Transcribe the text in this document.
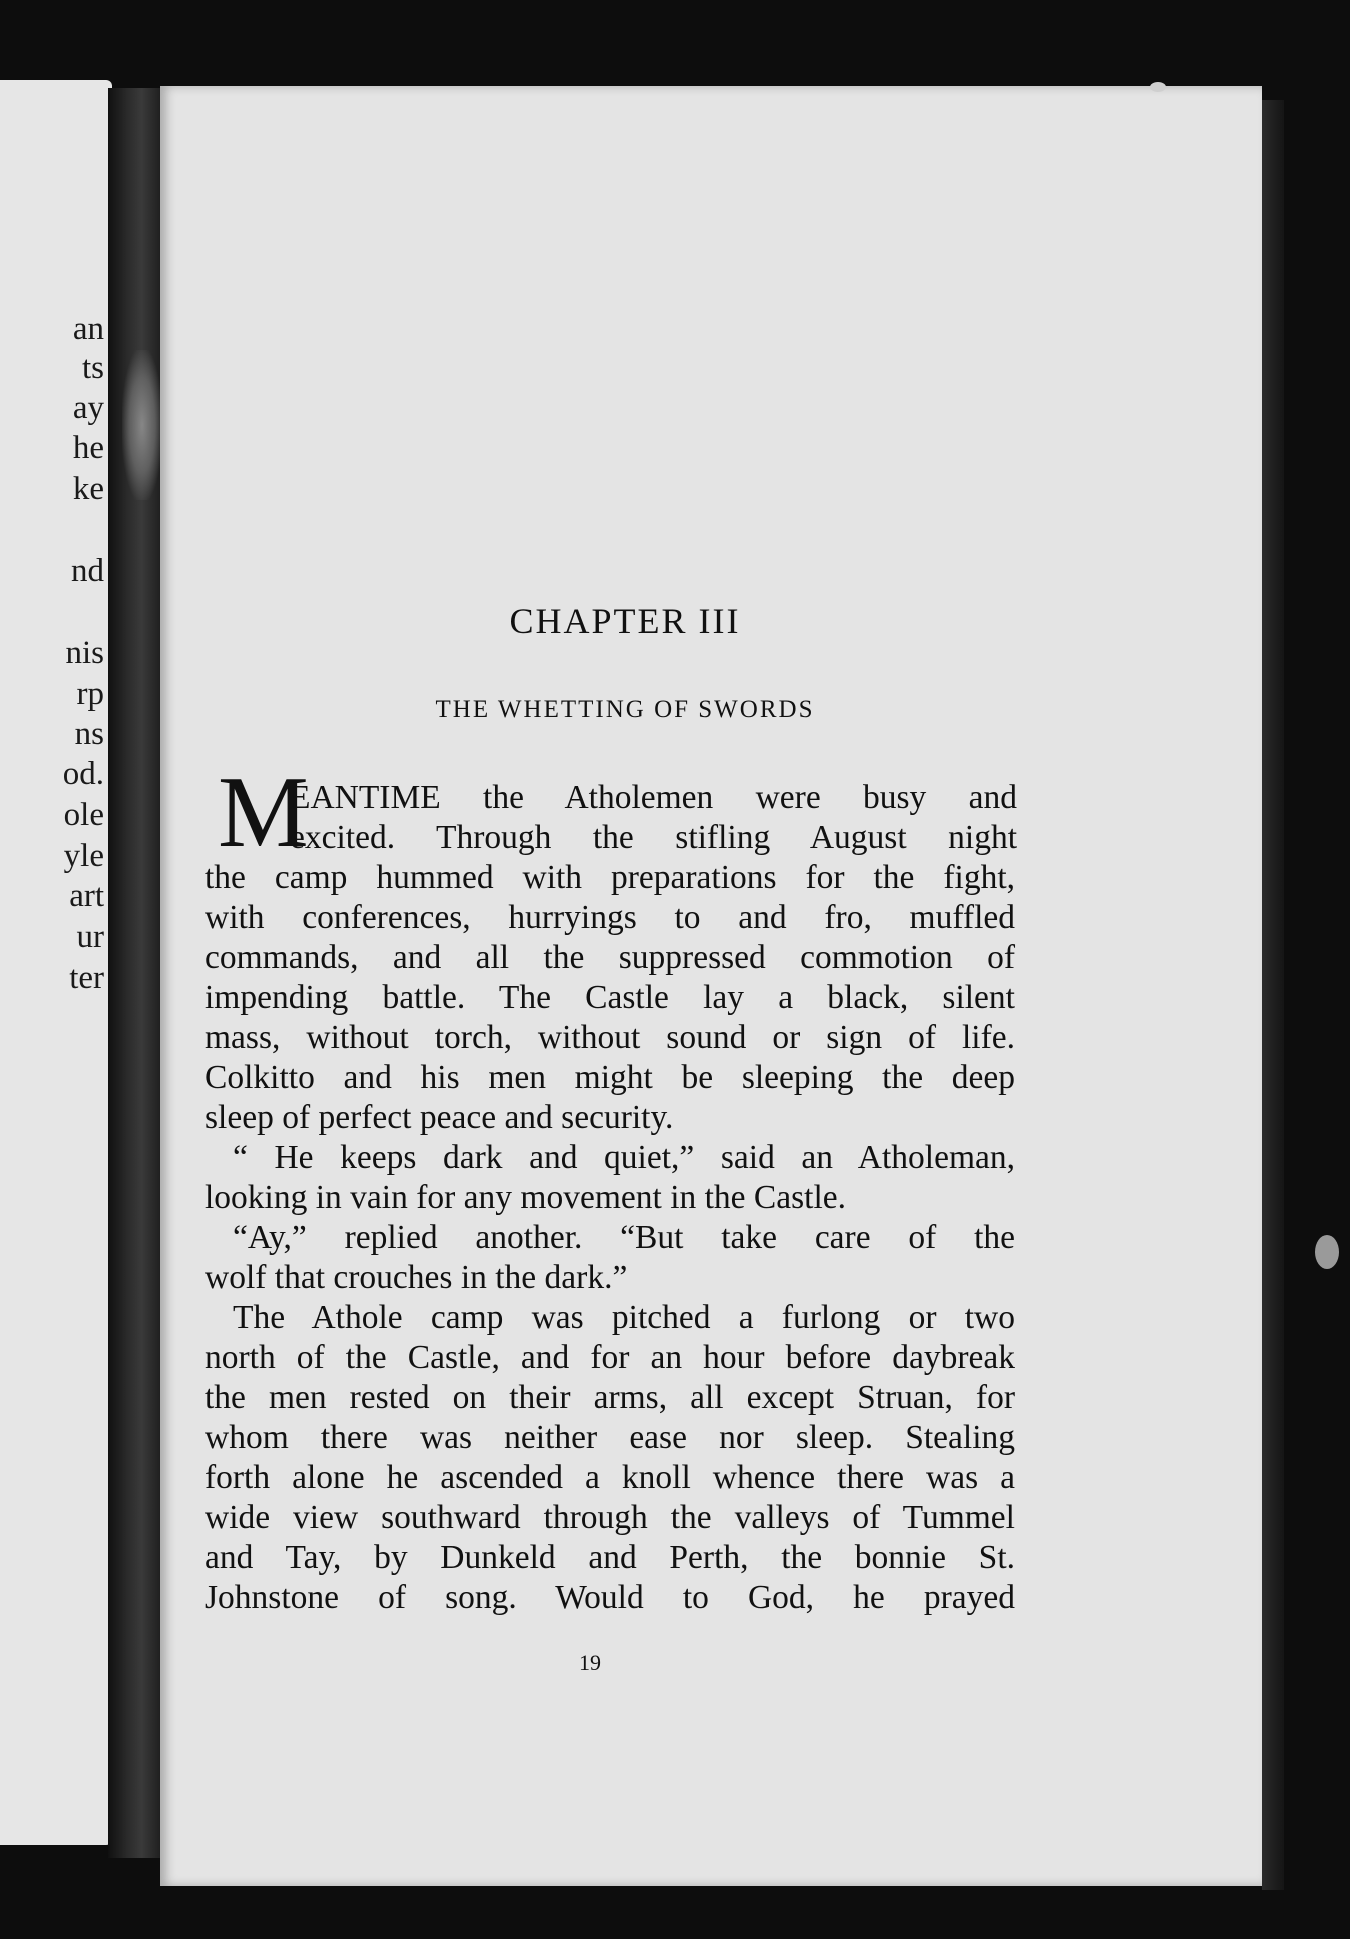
an
ts
ay
he
ke
nd
nis
rp
ns
od.
ole
yle
art
ur
ter
CHAPTER III
THE WHETTING OF SWORDS
M
EANTIME the Atholemen were busy and
excited. Through the stifling August night
the camp hummed with preparations for the fight,
with conferences, hurryings to and fro, muffled
commands, and all the suppressed commotion of
impending battle. The Castle lay a black, silent
mass, without torch, without sound or sign of life.
Colkitto and his men might be sleeping the deep
sleep of perfect peace and security.
“ He keeps dark and quiet,” said an Atholeman,
looking in vain for any movement in the Castle.
“Ay,” replied another. “But take care of the
wolf that crouches in the dark.”
The Athole camp was pitched a furlong or two
north of the Castle, and for an hour before daybreak
the men rested on their arms, all except Struan, for
whom there was neither ease nor sleep. Stealing
forth alone he ascended a knoll whence there was a
wide view southward through the valleys of Tummel
and Tay, by Dunkeld and Perth, the bonnie St.
Johnstone of song. Would to God, he prayed
19
